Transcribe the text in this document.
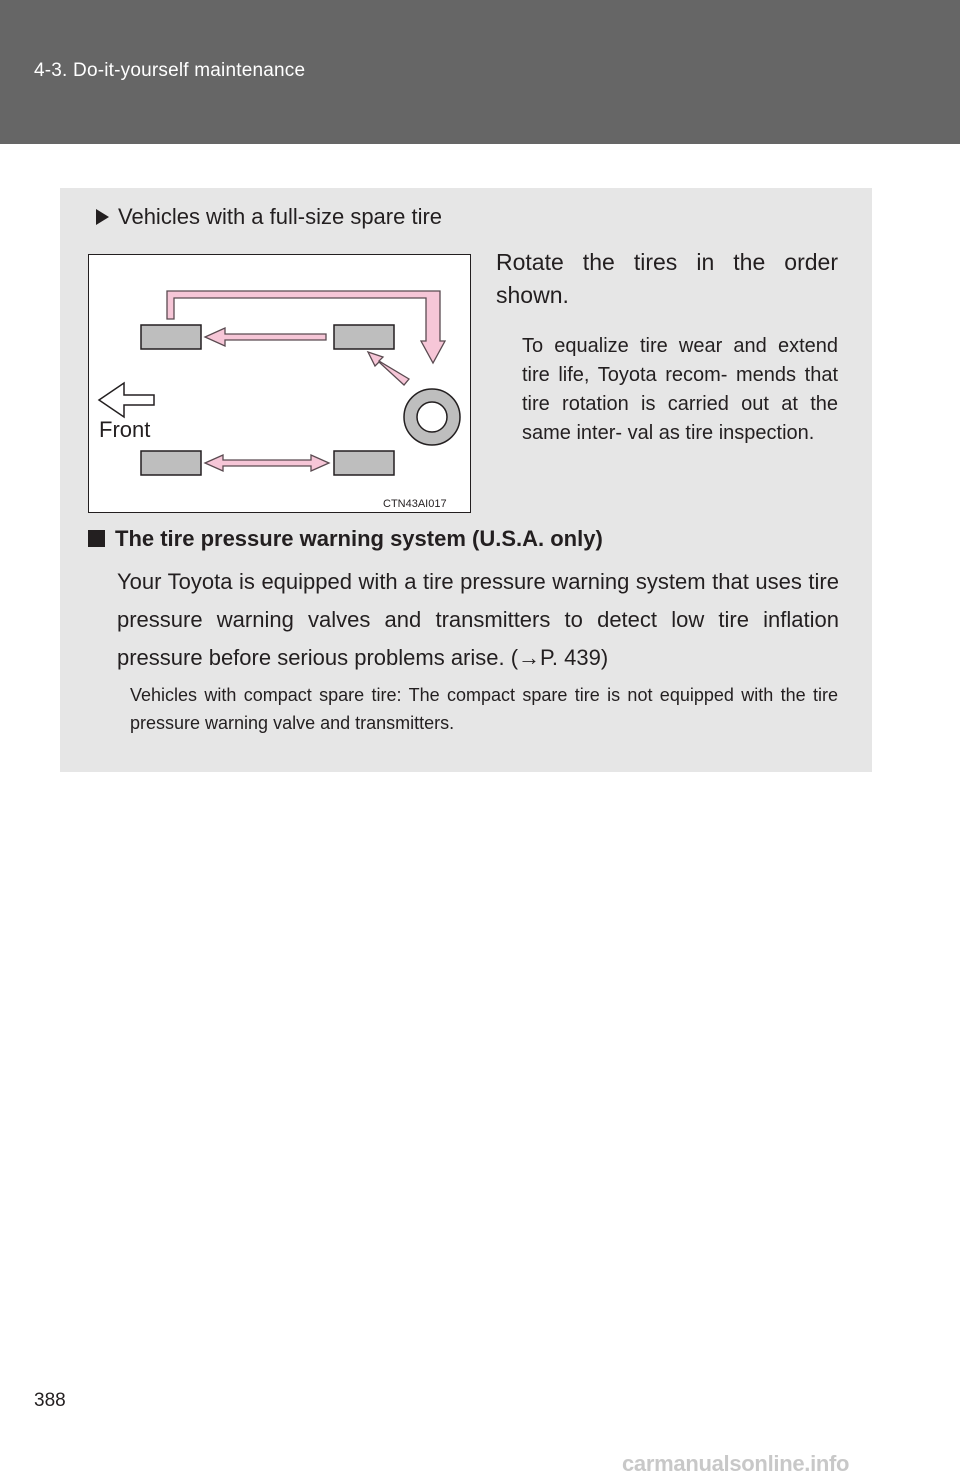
4-3. Do-it-yourself maintenance
Vehicles with a full-size spare tire
Front
CTN43AI017
Rotate the tires in the order shown.
To equalize tire wear and extend tire life, Toyota recom- mends that tire rotation is carried out at the same inter- val as tire inspection.
The tire pressure warning system (U.S.A. only)
Your Toyota is equipped with a tire pressure warning system that uses tire pressure warning valves and transmitters to detect low tire inflation pressure before serious problems arise. (→P. 439)
Vehicles with compact spare tire: The compact spare tire is not equipped with the tire pressure warning valve and transmitters.
388
carmanualsonline.info
